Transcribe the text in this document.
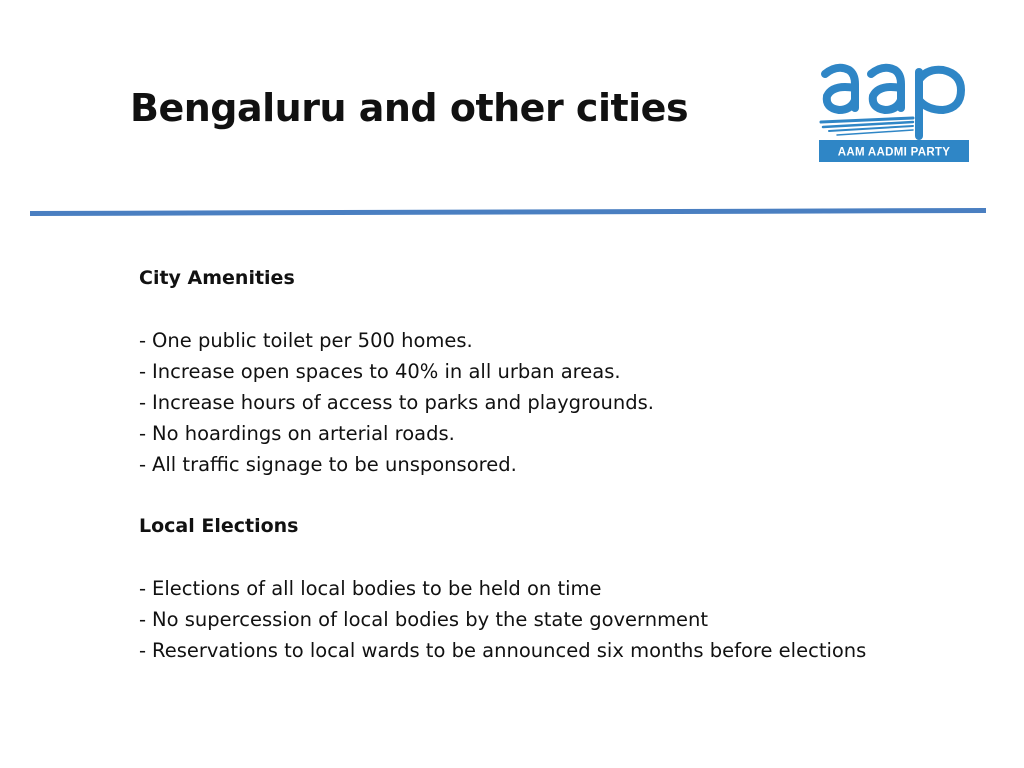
Bengaluru and other cities
AAM AADMI PARTY
City Amenities
- One public toilet per 500 homes.
- Increase open spaces to 40% in all urban areas.
- Increase hours of access to parks and playgrounds.
- No hoardings on arterial roads.
- All traffic signage to be unsponsored.
Local Elections
- Elections of all local bodies to be held on time
- No supercession of local bodies by the state government
- Reservations to local wards to be announced six months before elections
